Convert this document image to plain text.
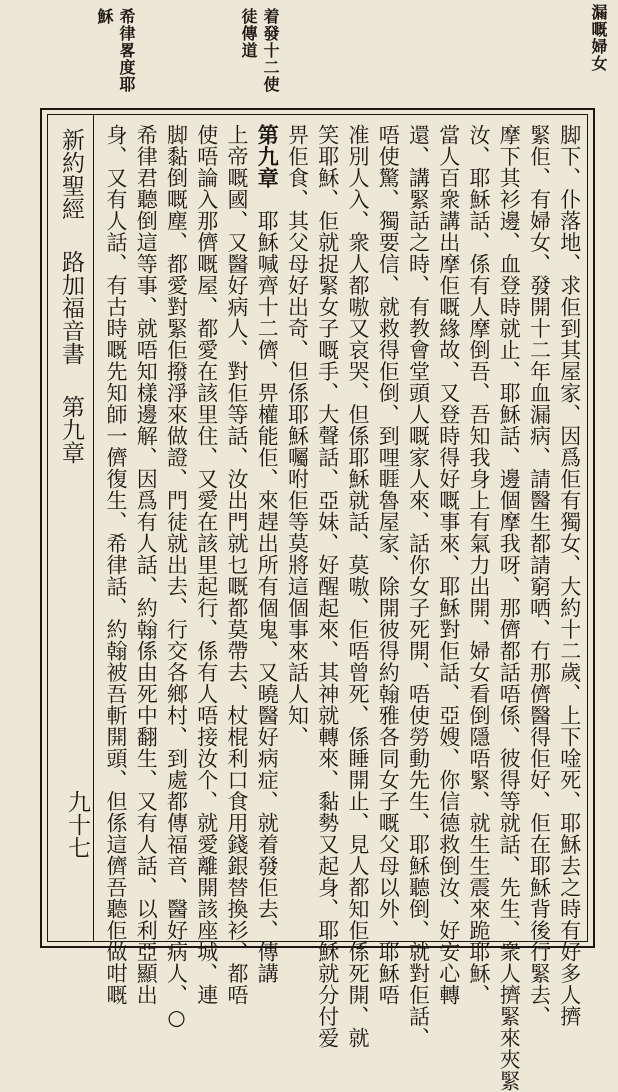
漏嘅婦女
着發十二使
徒傳道
希律畧度耶
穌
新約聖經路加福音書第九章
九十七	脚下、仆落地、求佢到其屋家、因爲佢有獨女、大約十二歲、上下唫死、耶穌去之時有好多人擠
緊佢、有婦女、發開十二年血漏病、請醫生都請窮哂、冇那儕醫得佢好、佢在耶穌背後行緊去、
摩下其衫邊、血登時就止、耶穌話、邊個摩我呀、那儕都話唔係、彼得等就話、先生、衆人擠緊來夾緊
汝、耶穌話、係有人摩倒吾、吾知我身上有氣力出開、婦女看倒隱唔緊、就生生震來跪耶穌、
當人百衆講出摩佢嘅緣故、又登時得好嘅事來、耶穌對佢話、亞嫂、你信德救倒汝、好安心轉
還、講緊話之時、有教會堂頭人嘅家人來、話你女子死開、唔使勞動先生、耶穌聽倒、就對佢話、
唔使驚、獨要信、就救得佢倒、到哩睚魯屋家、除開彼得約翰雅各同女子嘅父母以外、耶穌唔
准別人入、衆人都嗷又哀哭、但係耶穌就話、莫嗷、佢唔曾死、係睡開止、見人都知佢係死開、就
笑耶穌、佢就捉緊女子嘅手、大聲話、亞妹、好醒起來、其神就轉來、黏勢又起身、耶穌就分付爱
畀佢食、其父母好出奇、但係耶穌囑咐佢等莫將這個事來話人知、
第九章　耶穌喊齊十二儕、畀權能佢、來趕出所有個鬼、又曉醫好病症、就着發佢去、傳講
上帝嘅國、又醫好病人、對佢等話、汝出門就乜嘅都莫帶去、杖棍利口食用錢銀替換衫、都唔
使唔論入那儕嘅屋、都愛在該里住、又愛在該里起行、係有人唔接汝个、就愛離開該座城、連
脚黏倒嘅塵、都愛對緊佢撥淨來做證、門徒就出去、行交各鄉村、到處都傳福音、醫好病人、○
希律君聽倒這等事、就唔知樣邊解、因爲有人話、約翰係由死中翻生、又有人話、以利亞顯出
身、又有人話、有古時嘅先知師一儕復生、希律話、約翰被吾斬開頭、但係這儕吾聽佢做咁嘅
